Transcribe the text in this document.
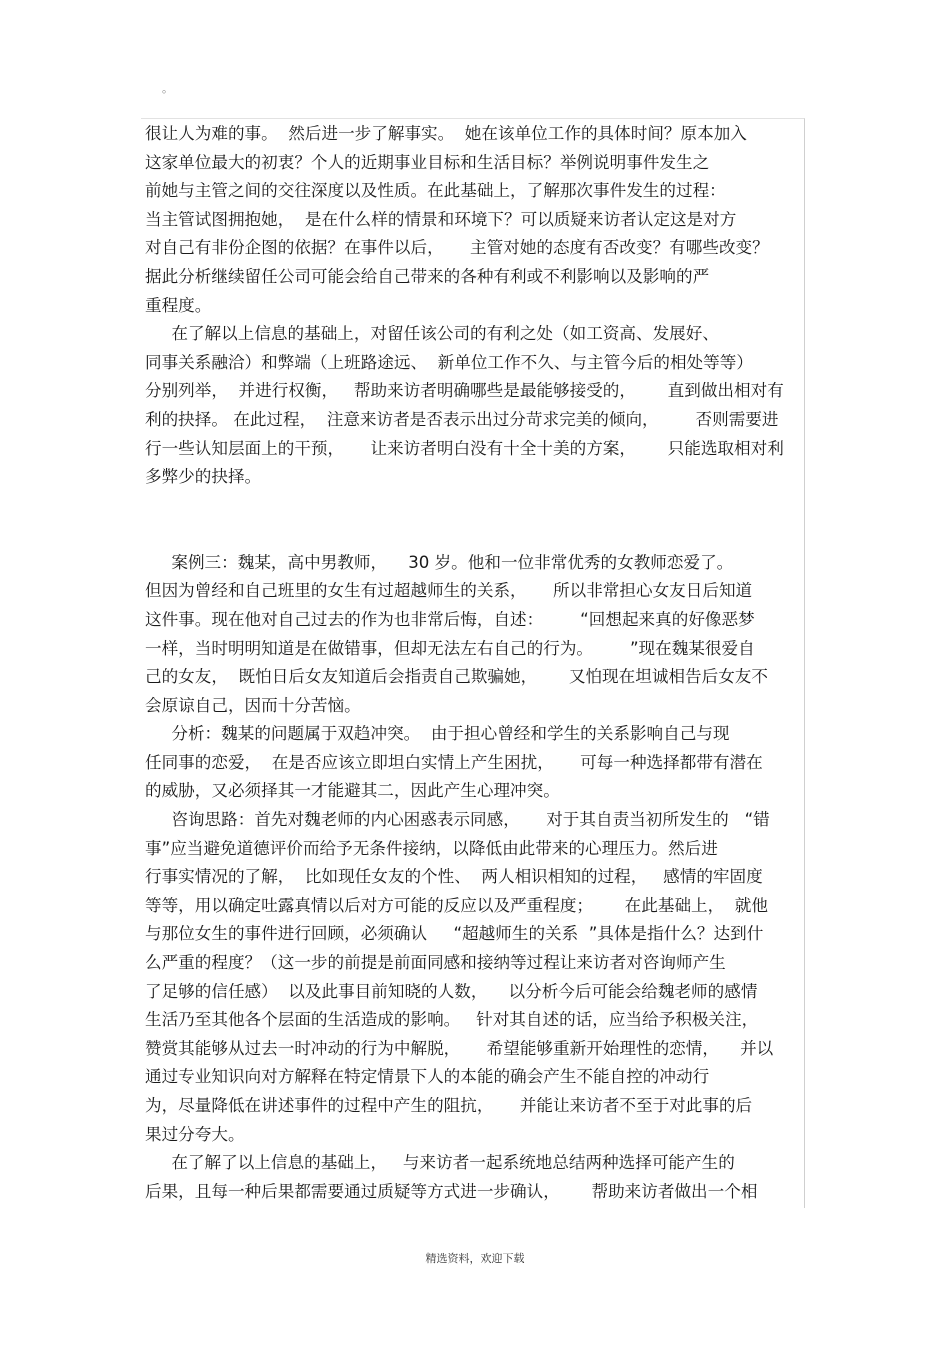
。
很让人为难的事。  然后进一步了解事实。  她在该单位工作的具体时间？原本加入
这家单位最大的初衷？个人的近期事业目标和生活目标？举例说明事件发生之
前她与主管之间的交往深度以及性质。在此基础上，了解那次事件发生的过程：
当主管试图拥抱她，  是在什么样的情景和环境下？可以质疑来访者认定这是对方
对自己有非份企图的依据？在事件以后，     主管对她的态度有否改变？有哪些改变？
据此分析继续留任公司可能会给自己带来的各种有利或不利影响以及影响的严
重程度。
在了解以上信息的基础上，对留任该公司的有利之处（如工资高、发展好、
同事关系融洽）和弊端（上班路途远、  新单位工作不久、与主管今后的相处等等）
分别列举，  并进行权衡，   帮助来访者明确哪些是最能够接受的，      直到做出相对有
利的抉择。 在此过程，  注意来访者是否表示出过分苛求完美的倾向，       否则需要进
行一些认知层面上的干预，     让来访者明白没有十全十美的方案，      只能选取相对利
多弊少的抉择。
案例三：魏某，高中男教师，    30 岁。他和一位非常优秀的女教师恋爱了。
但因为曾经和自己班里的女生有过超越师生的关系，     所以非常担心女友日后知道
这件事。现在他对自己过去的作为也非常后悔，自述：       “回想起来真的好像恶梦
一样，当时明明知道是在做错事，但却无法左右自己的行为。       ”现在魏某很爱自
己的女友，  既怕日后女友知道后会指责自己欺骗她，      又怕现在坦诚相告后女友不
会原谅自己，因而十分苦恼。
分析：魏某的问题属于双趋冲突。  由于担心曾经和学生的关系影响自己与现
任同事的恋爱，  在是否应该立即坦白实情上产生困扰，     可每一种选择都带有潜在
的威胁，又必须择其一才能避其二，因此产生心理冲突。
咨询思路：首先对魏老师的内心困惑表示同感，     对于其自责当初所发生的   “错
事”应当避免道德评价而给予无条件接纳，以降低由此带来的心理压力。然后进
行事实情况的了解，  比如现任女友的个性、  两人相识相知的过程，   感情的牢固度
等等，用以确定吐露真情以后对方可能的反应以及严重程度；      在此基础上，  就他
与那位女生的事件进行回顾，必须确认     “超越师生的关系  ”具体是指什么？达到什
么严重的程度？（这一步的前提是前面同感和接纳等过程让来访者对咨询师产生
了足够的信任感）  以及此事目前知晓的人数，    以分析今后可能会给魏老师的感情
生活乃至其他各个层面的生活造成的影响。   针对其自述的话，应当给予积极关注，
赞赏其能够从过去一时冲动的行为中解脱，     希望能够重新开始理性的恋情，    并以
通过专业知识向对方解释在特定情景下人的本能的确会产生不能自控的冲动行
为，尽量降低在讲述事件的过程中产生的阻抗，     并能让来访者不至于对此事的后
果过分夸大。
在了解了以上信息的基础上，   与来访者一起系统地总结两种选择可能产生的
后果，且每一种后果都需要通过质疑等方式进一步确认，      帮助来访者做出一个相
精选资料，欢迎下载
